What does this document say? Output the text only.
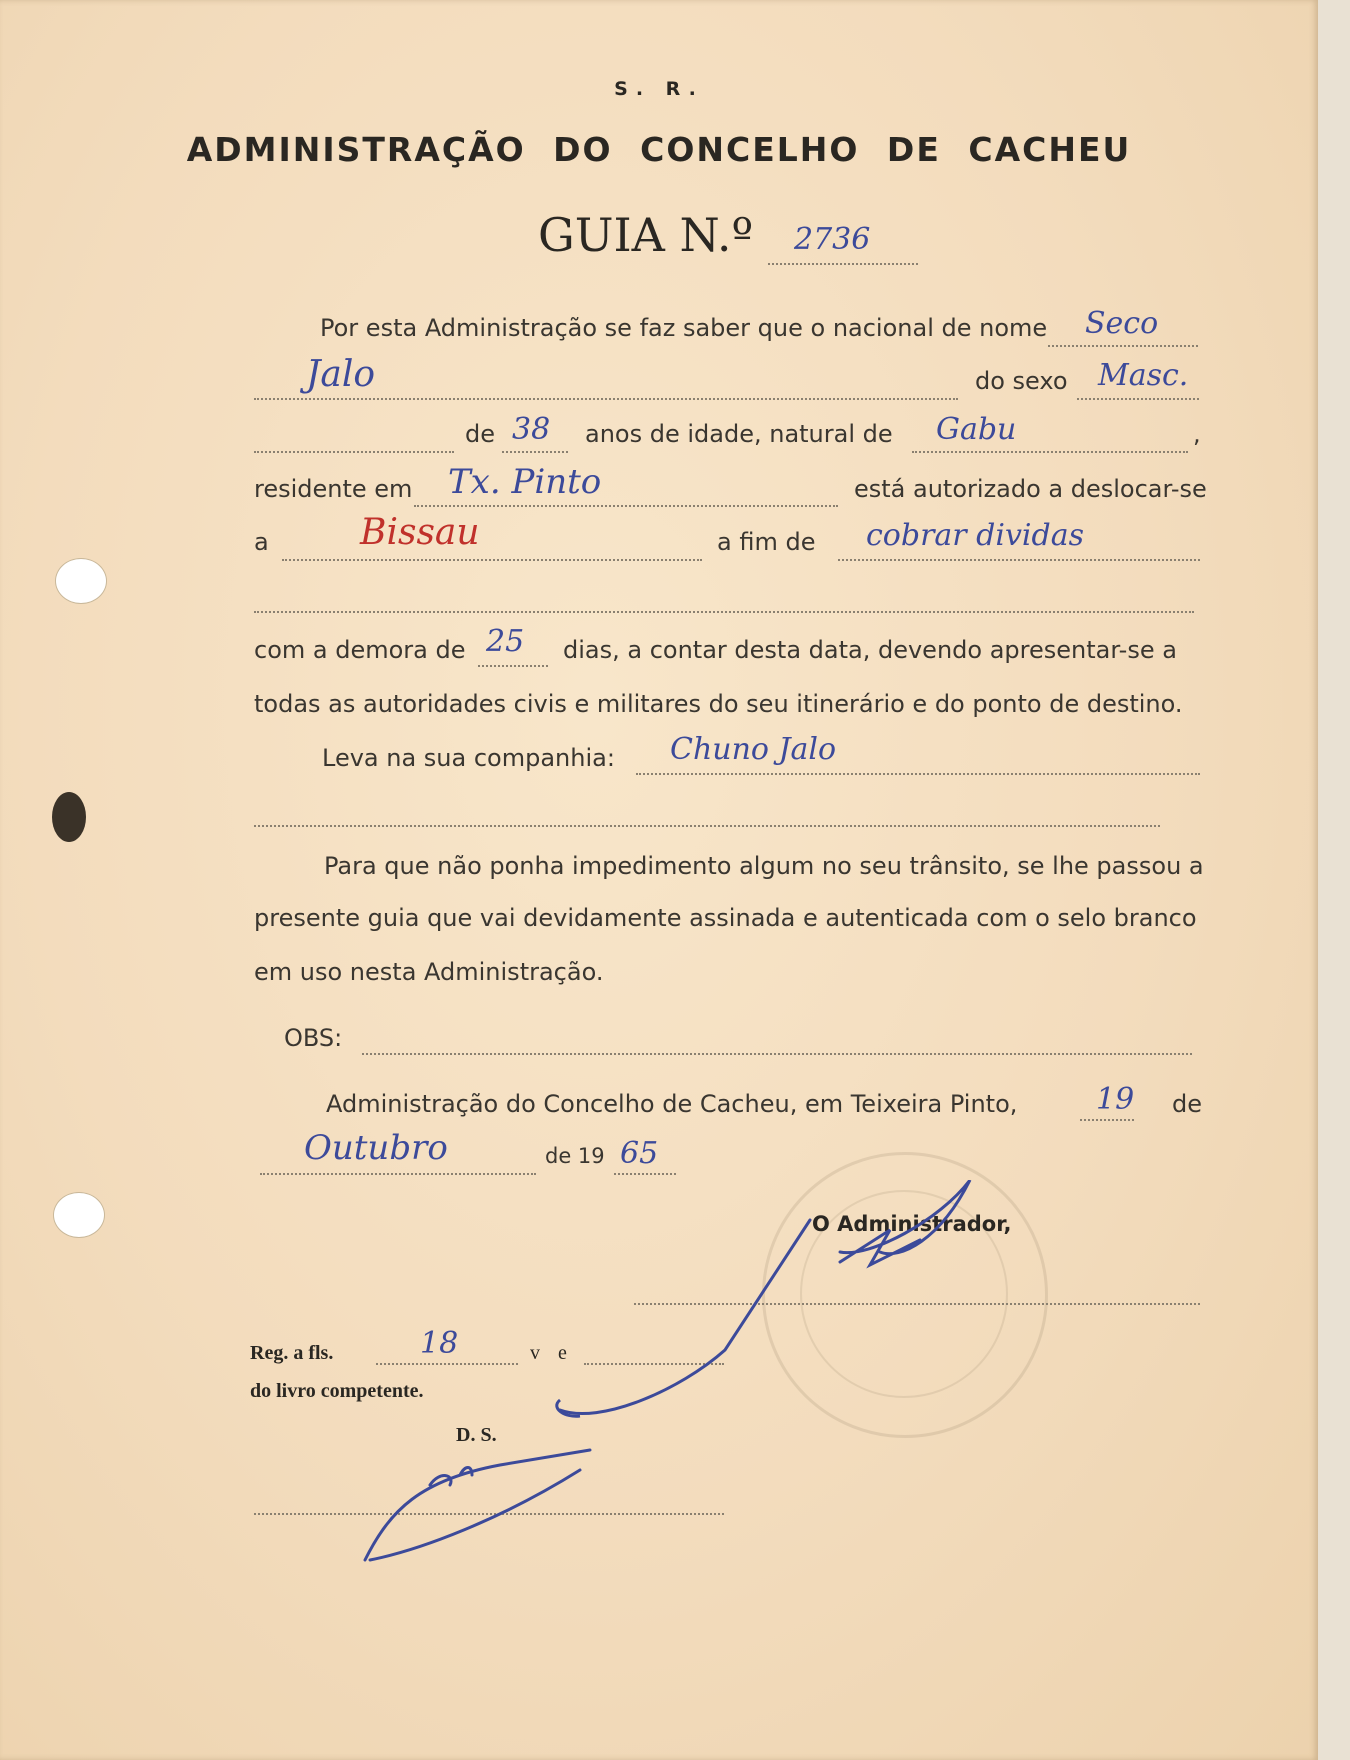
S. R.
ADMINISTRAÇÃO DO CONCELHO DE CACHEU
GUIA N.º 2736
Por esta Administração se faz saber que o nacional de nome Seco
Jalo	do sexo Masc.
de 38 anos de idade, natural de Gabu	,
residente em Tx. Pinto	está autorizado a deslocar-se
a	Bissau	a fim de cobrar dividas
com a demora de 25 dias, a contar desta data, devendo apresentar-se a
todas as autoridades civis e militares do seu itinerário e do ponto de destino.
Leva na sua companhia: Chuno Jalo
Para que não ponha impedimento algum no seu trânsito, se lhe passou a
presente guia que vai devidamente assinada e autenticada com o selo branco
em uso nesta Administração.
OBS:
Administração do Concelho de Cacheu, em Teixeira Pinto,	19 de
Outubro	de 19 65
O Administrador,
Reg. a fls.	18	v e
do livro competente.
D. S.
